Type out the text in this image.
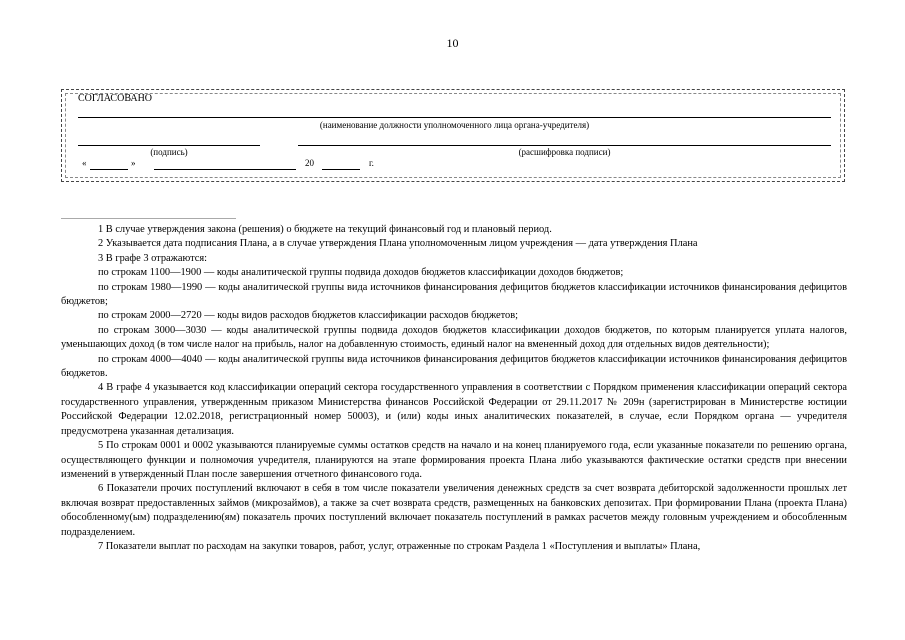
10
СОГЛАСОВАНО
(наименование должности уполномоченного лица органа-учредителя)
(подпись)	(расшифровка подписи)
«	»	20	г.

1 В случае утверждения закона (решения) о бюджете на текущий финансовый год и плановый период.

2 Указывается дата подписания Плана, а в случае утверждения Плана уполномоченным лицом учреждения — дата утверждения Плана

3 В графе 3 отражаются:

по строкам 1100—1900 — коды аналитической группы подвида доходов бюджетов классификации доходов бюджетов;

по строкам 1980—1990 — коды аналитической группы вида источников финансирования дефицитов бюджетов классификации источников финансирования дефицитов бюджетов;

по строкам 2000—2720 — коды видов расходов бюджетов классификации расходов бюджетов;

по строкам 3000—3030 — коды аналитической группы подвида доходов бюджетов классификации доходов бюджетов, по которым планируется уплата налогов, уменьшающих доход (в том числе налог на прибыль, налог на добавленную стоимость, единый налог на вмененный доход для отдельных видов деятельности);

по строкам 4000—4040 — коды аналитической группы вида источников финансирования дефицитов бюджетов классификации источников финансирования дефицитов бюджетов.

4 В графе 4 указывается код классификации операций сектора государственного управления в соответствии с Порядком применения классификации операций сектора государственного управления, утвержденным приказом Министерства финансов Российской Федерации от 29.11.2017 № 209н (зарегистрирован в Министерстве юстиции Российской Федерации 12.02.2018, регистрационный номер 50003), и (или) коды иных аналитических показателей, в случае, если Порядком органа — учредителя предусмотрена указанная детализация.

5 По строкам 0001 и 0002 указываются планируемые суммы остатков средств на начало и на конец планируемого года, если указанные показатели по решению органа, осуществляющего функции и полномочия учредителя, планируются на этапе формирования проекта Плана либо указываются фактические остатки средств при внесении изменений в утвержденный План после завершения отчетного финансового года.

6 Показатели прочих поступлений включают в себя в том числе показатели увеличения денежных средств за счет возврата дебиторской задолженности прошлых лет включая возврат предоставленных займов (микрозаймов), а также за счет возврата средств, размещенных на банковских депозитах. При формировании Плана (проекта Плана) обособленному(ым) подразделению(ям) показатель прочих поступлений включает показатель поступлений в рамках расчетов между головным учреждением и обособленным подразделением.

7 Показатели выплат по расходам на закупки товаров, работ, услуг, отраженные по строкам Раздела 1 «Поступления и выплаты» Плана,
